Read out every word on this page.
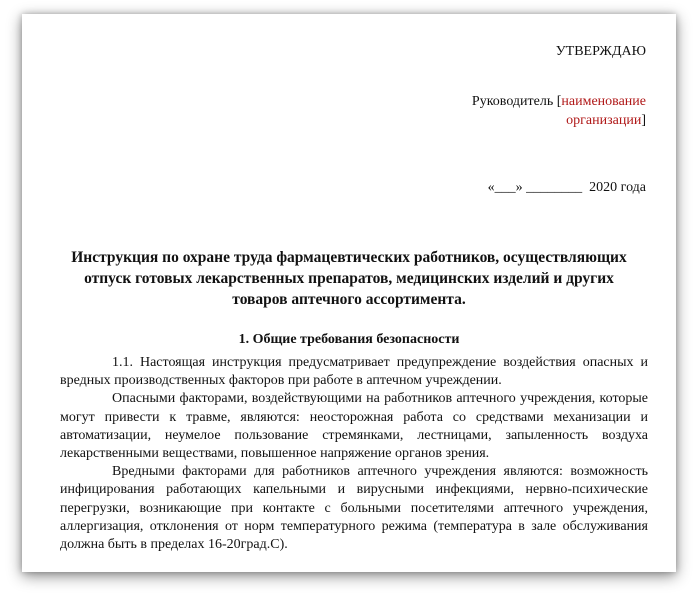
УТВЕРЖДАЮ
Руководитель [наименование
организации]
«___» ________  2020 года
Инструкция по охране труда фармацевтических работников, осуществляющих отпуск готовых лекарственных препаратов, медицинских изделий и других товаров аптечного ассортимента.
1. Общие требования безопасности

1.1. Настоящая инструкция предусматривает предупреждение воздействия опасных и вредных производственных факторов при работе в аптечном учреждении.

Опасными факторами, воздействующими на работников аптечного учреждения, которые могут привести к травме, являются: неосторожная работа со средствами механизации и автоматизации, неумелое пользование стремянками, лестницами, запыленность воздуха лекарственными веществами, повышенное напряжение органов зрения.

Вредными факторами для работников аптечного учреждения являются: возможность инфицирования работающих капельными и вирусными инфекциями, нервно-психические перегрузки, возникающие при контакте с больными посетителями аптечного учреждения, аллергизация, отклонения от норм температурного режима (температура в зале обслуживания должна быть в пределах 16-20град.С).
